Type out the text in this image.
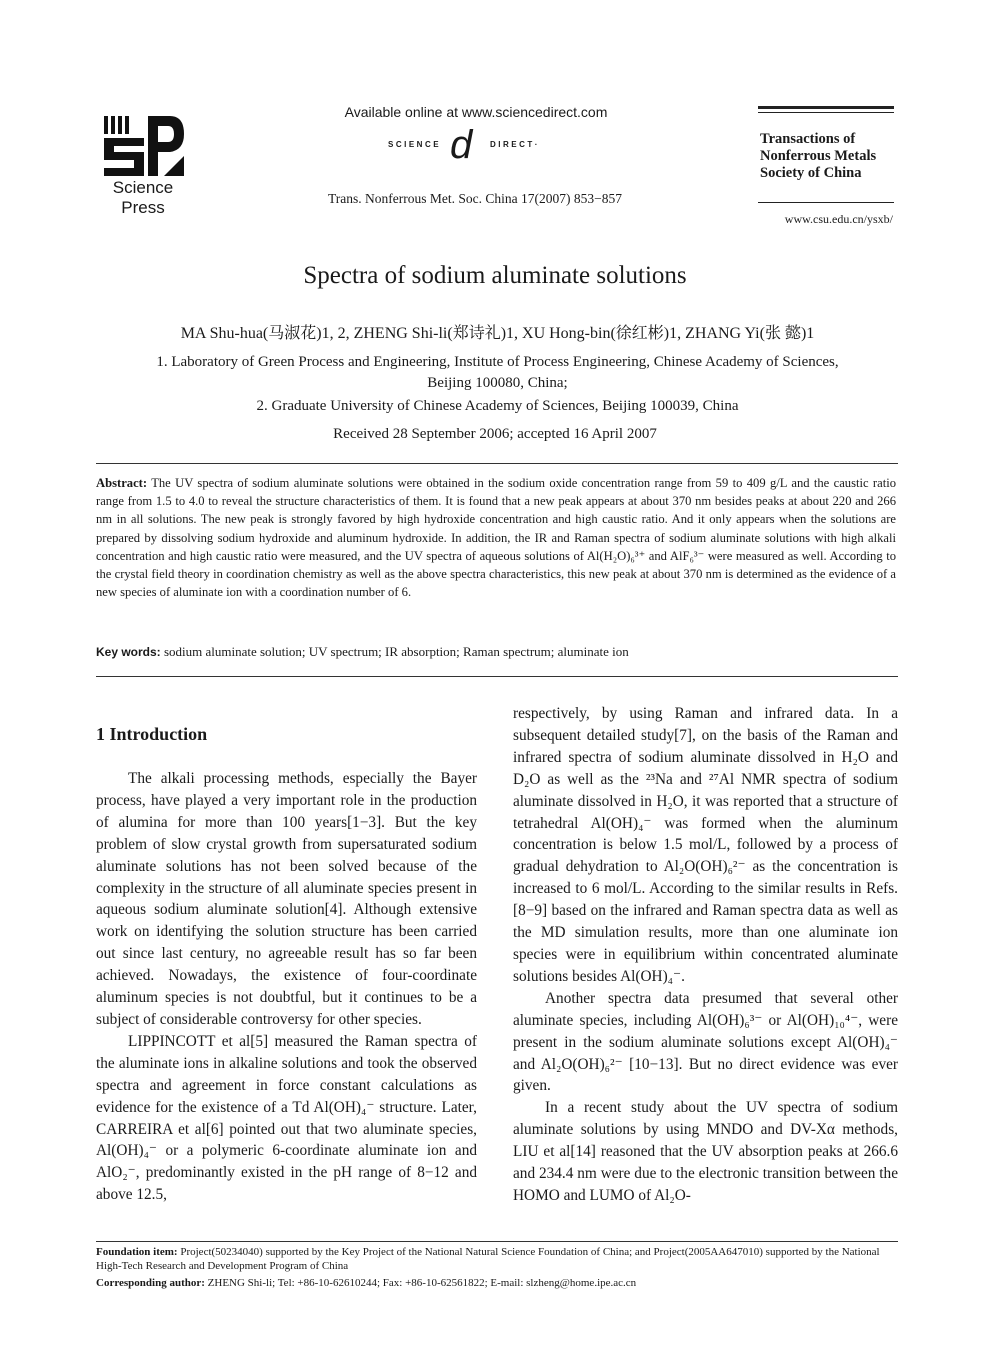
Science
Press
Available online at www.sciencedirect.com
SCIENCE d DIRECT·
Trans. Nonferrous Met. Soc. China 17(2007) 853−857
Transactions of
Nonferrous Metals
Society of China
www.csu.edu.cn/ysxb/
Spectra of sodium aluminate solutions
MA Shu-hua(马淑花)1, 2, ZHENG Shi-li(郑诗礼)1, XU Hong-bin(徐红彬)1, ZHANG Yi(张 懿)1
1. Laboratory of Green Process and Engineering, Institute of Process Engineering, Chinese Academy of Sciences,
Beijing 100080, China;
2. Graduate University of Chinese Academy of Sciences, Beijing 100039, China
Received 28 September 2006; accepted 16 April 2007
Abstract: The UV spectra of sodium aluminate solutions were obtained in the sodium oxide concentration range from 59 to 409 g/L and the caustic ratio range from 1.5 to 4.0 to reveal the structure characteristics of them. It is found that a new peak appears at about 370 nm besides peaks at about 220 and 266 nm in all solutions. The new peak is strongly favored by high hydroxide concentration and high caustic ratio. And it only appears when the solutions are prepared by dissolving sodium hydroxide and aluminum hydroxide. In addition, the IR and Raman spectra of sodium aluminate solutions with high alkali concentration and high caustic ratio were measured, and the UV spectra of aqueous solutions of Al(H₂O)₆³⁺ and AlF₆³⁻ were measured as well. According to the crystal field theory in coordination chemistry as well as the above spectra characteristics, this new peak at about 370 nm is determined as the evidence of a new species of aluminate ion with a coordination number of 6.
Key words: sodium aluminate solution; UV spectrum; IR absorption; Raman spectrum; aluminate ion
1 Introduction

The alkali processing methods, especially the Bayer process, have played a very important role in the production of alumina for more than 100 years[1−3]. But the key problem of slow crystal growth from supersaturated sodium aluminate solutions has not been solved because of the complexity in the structure of all aluminate species present in aqueous sodium aluminate solution[4]. Although extensive work on identifying the solution structure has been carried out since last century, no agreeable result has so far been achieved. Nowadays, the existence of four-coordinate aluminum species is not doubtful, but it continues to be a subject of considerable controversy for other species.

LIPPINCOTT et al[5] measured the Raman spectra of the aluminate ions in alkaline solutions and took the observed spectra and agreement in force constant calculations as evidence for the existence of a Td Al(OH)₄⁻ structure. Later, CARREIRA et al[6] pointed out that two aluminate species, Al(OH)₄⁻ or a polymeric 6-coordinate aluminate ion and AlO₂⁻, predominantly existed in the pH range of 8−12 and above 12.5,

respectively, by using Raman and infrared data. In a subsequent detailed study[7], on the basis of the Raman and infrared spectra of sodium aluminate dissolved in H₂O and D₂O as well as the ²³Na and ²⁷Al NMR spectra of sodium aluminate dissolved in H₂O, it was reported that a structure of tetrahedral Al(OH)₄⁻ was formed when the aluminum concentration is below 1.5 mol/L, followed by a process of gradual dehydration to Al₂O(OH)₆²⁻ as the concentration is increased to 6 mol/L. According to the similar results in Refs.[8−9] based on the infrared and Raman spectra data as well as the MD simulation results, more than one aluminate ion species were in equilibrium within concentrated aluminate solutions besides Al(OH)₄⁻.

Another spectra data presumed that several other aluminate species, including Al(OH)₆³⁻ or Al(OH)₁₀⁴⁻, were present in the sodium aluminate solutions except Al(OH)₄⁻ and Al₂O(OH)₆²⁻ [10−13]. But no direct evidence was ever given.

In a recent study about the UV spectra of sodium aluminate solutions by using MNDO and DV-Xα methods, LIU et al[14] reasoned that the UV absorption peaks at 266.6 and 234.4 nm were due to the electronic transition between the HOMO and LUMO of Al₂O-

Foundation item: Project(50234040) supported by the Key Project of the National Natural Science Foundation of China; and Project(2005AA647010) supported by the National High-Tech Research and Development Program of China
Corresponding author: ZHENG Shi-li; Tel: +86-10-62610244; Fax: +86-10-62561822; E-mail: slzheng@home.ipe.ac.cn
